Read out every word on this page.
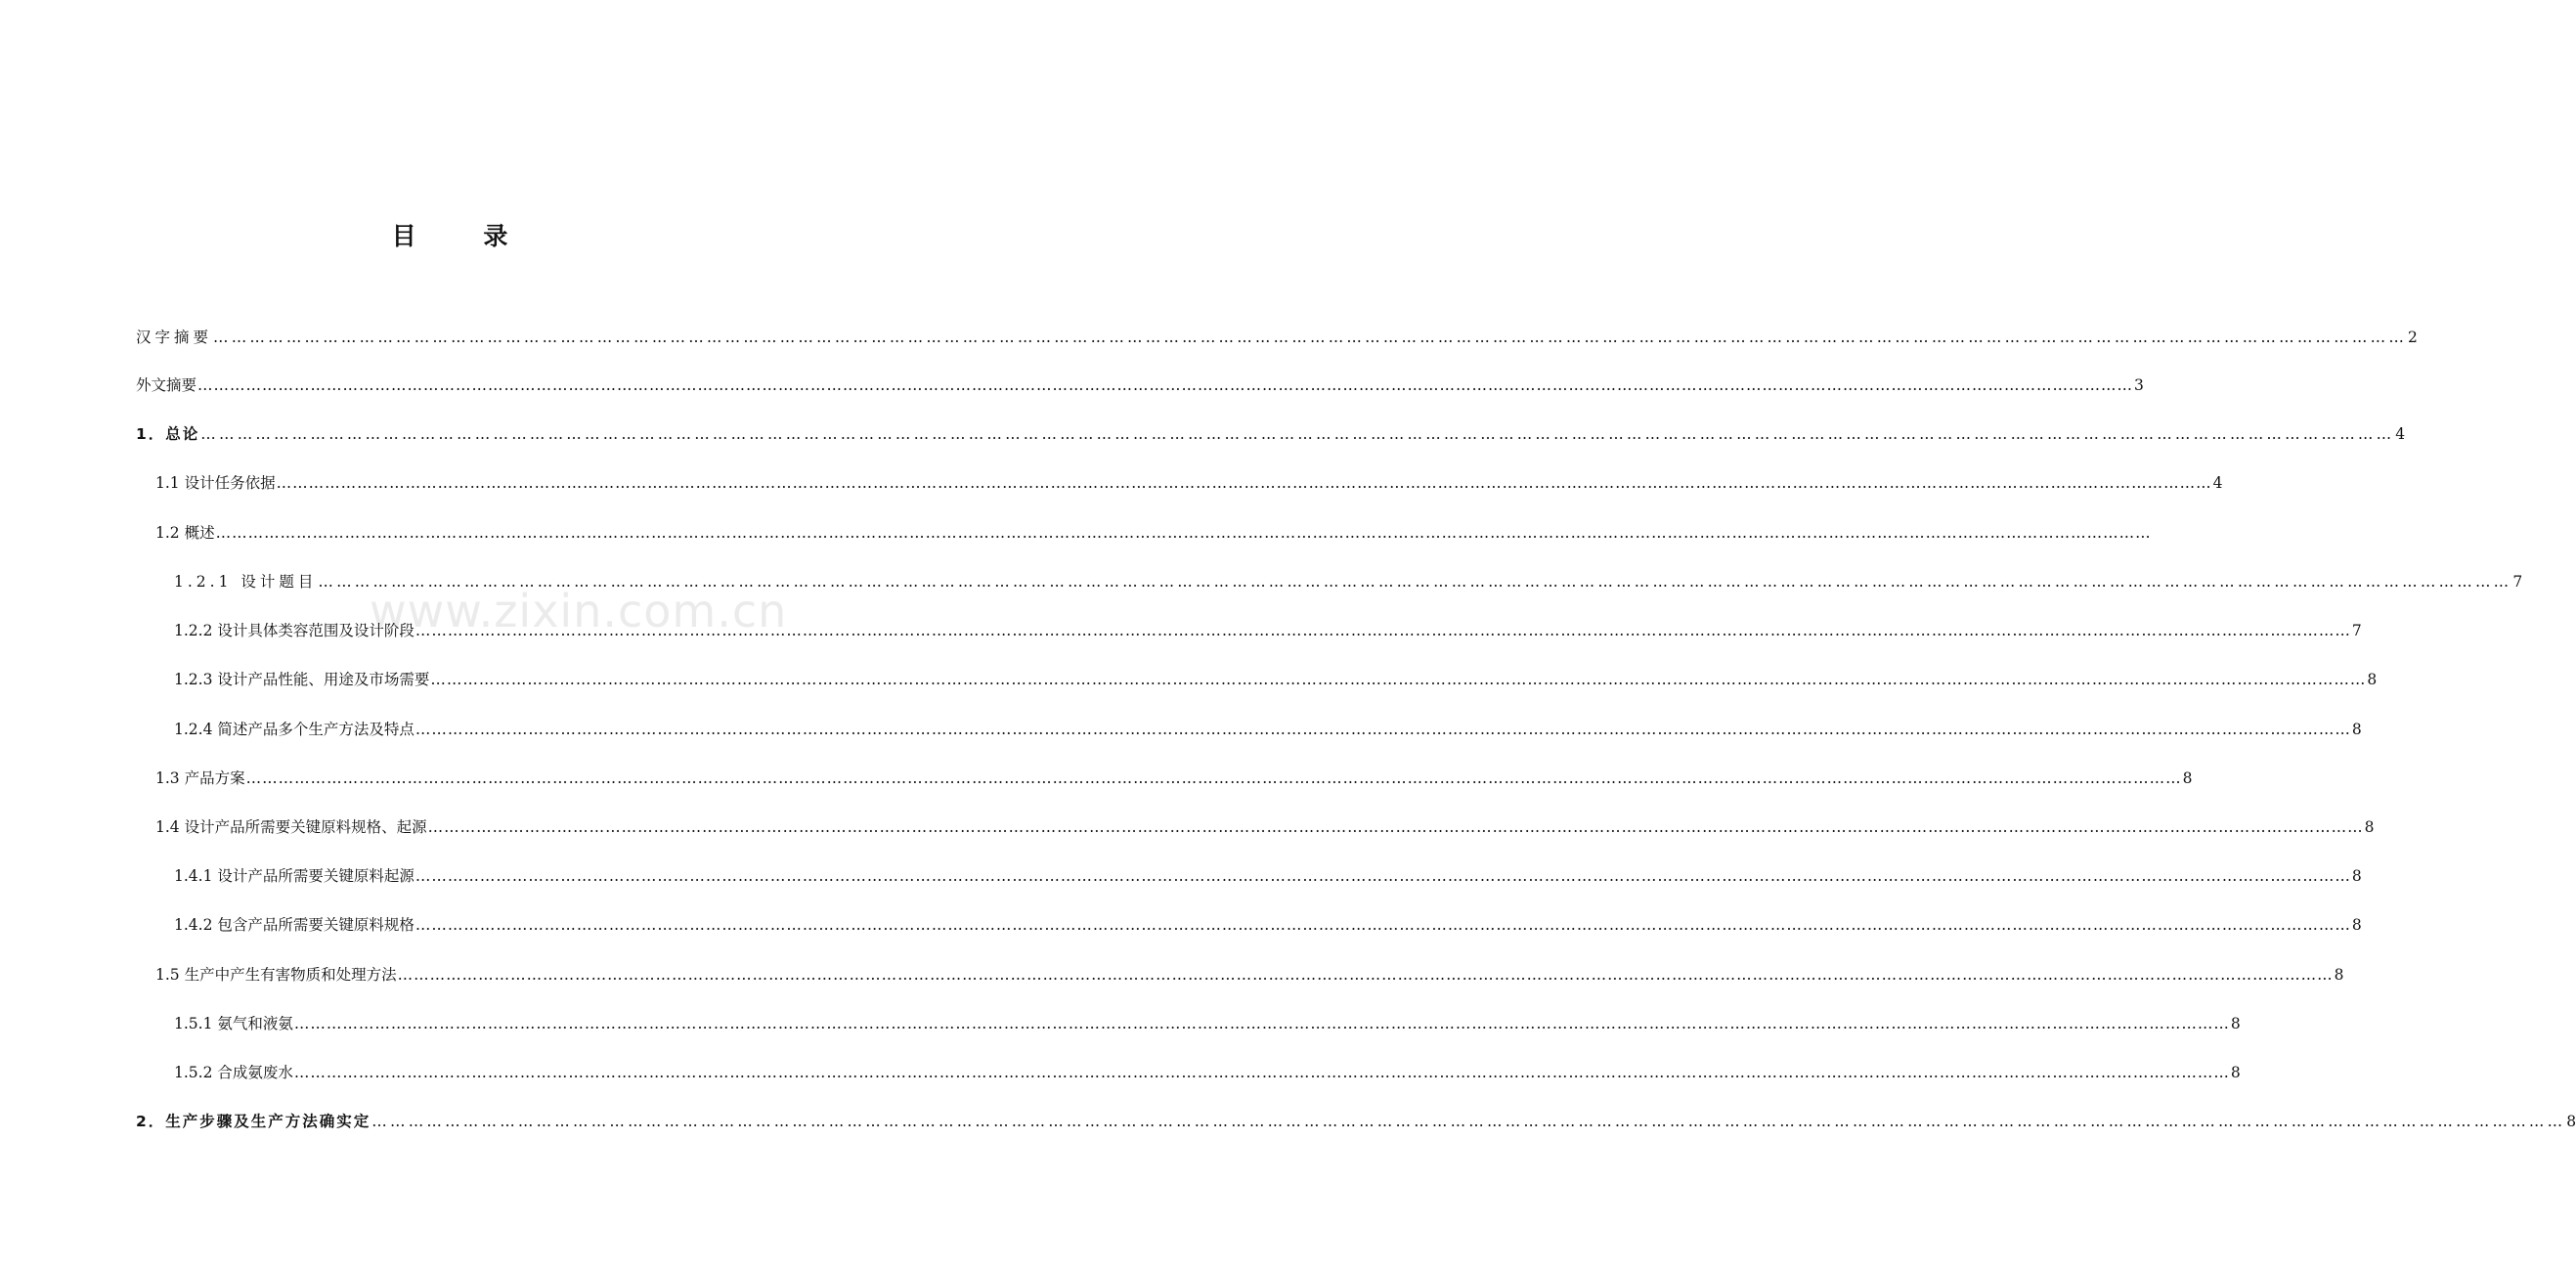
www.zixin.com.cn
目 录
汉字摘要 ……………………………………………………………………………………………………………………………………………………………………………………………………………………………………………………………………………………………………………………………… 2
外文摘要 ……………………………………………………………………………………………………………………………………………………………………………………………………………………………………………………………………………………………………………………………… 3
1．总论 ……………………………………………………………………………………………………………………………………………………………………………………………………………………………………………………………………………………………………………………………… 4
1.1 设计任务依据 ……………………………………………………………………………………………………………………………………………………………………………………………………………………………………………………………………………………………………………………………… 4
1.2 概述 ………………………………………………………………………………………………………………………………………………………………………………………………………………………………………………………………………………………………………………………………
1.2.1 设计题目 ……………………………………………………………………………………………………………………………………………………………………………………………………………………………………………………………………………………………………………………………… 7
1.2.2 设计具体类容范围及设计阶段 ……………………………………………………………………………………………………………………………………………………………………………………………………………………………………………………………………………………………………………………………… 7
1.2.3 设计产品性能、用途及市场需要 ……………………………………………………………………………………………………………………………………………………………………………………………………………………………………………………………………………………………………………………………… 8
1.2.4 简述产品多个生产方法及特点 ……………………………………………………………………………………………………………………………………………………………………………………………………………………………………………………………………………………………………………………………… 8
1.3 产品方案 ……………………………………………………………………………………………………………………………………………………………………………………………………………………………………………………………………………………………………………………………… 8
1.4 设计产品所需要关键原料规格、起源 ……………………………………………………………………………………………………………………………………………………………………………………………………………………………………………………………………………………………………………………………… 8
1.4.1 设计产品所需要关键原料起源 ……………………………………………………………………………………………………………………………………………………………………………………………………………………………………………………………………………………………………………………………… 8
1.4.2 包含产品所需要关键原料规格 ……………………………………………………………………………………………………………………………………………………………………………………………………………………………………………………………………………………………………………………………… 8
1.5 生产中产生有害物质和处理方法 ……………………………………………………………………………………………………………………………………………………………………………………………………………………………………………………………………………………………………………………………… 8
1.5.1 氨气和液氨 ……………………………………………………………………………………………………………………………………………………………………………………………………………………………………………………………………………………………………………………………… 8
1.5.2 合成氨废水 ……………………………………………………………………………………………………………………………………………………………………………………………………………………………………………………………………………………………………………………………… 8
2．生产步骤及生产方法确实定 ……………………………………………………………………………………………………………………………………………………………………………………………………………………………………………………………………………………………………………………………… 8
